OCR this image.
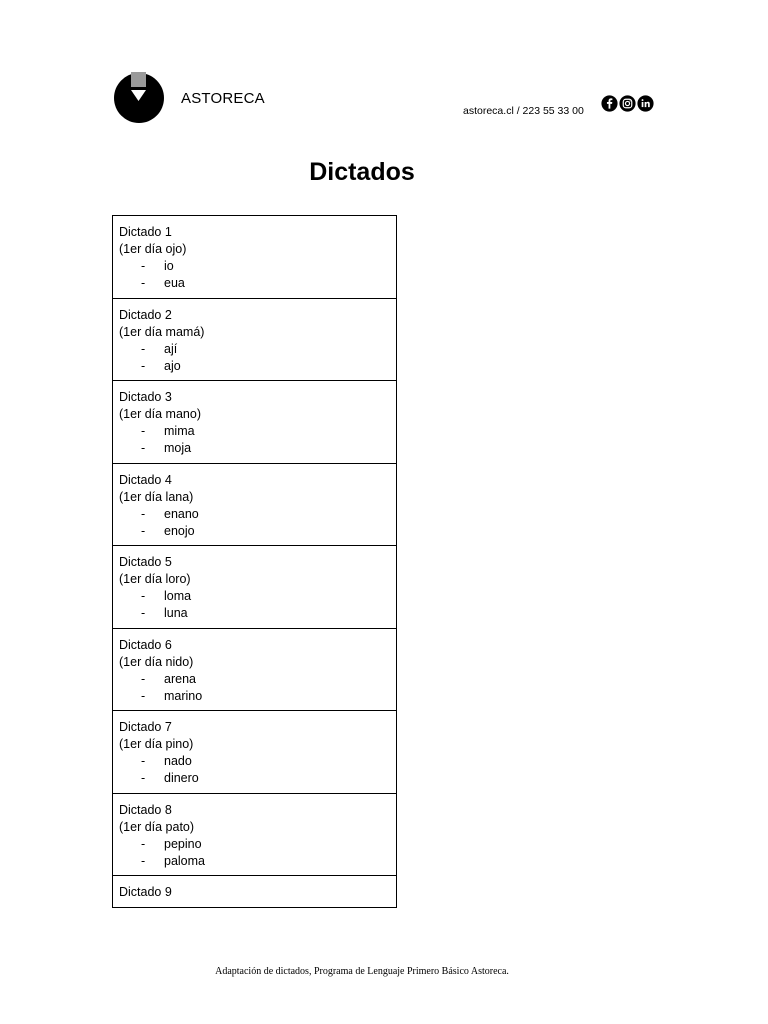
ASTORECA
astoreca.cl / 223 55 33 00
Dictados
Dictado 1
(1er día ojo)
-	io
-	eua
Dictado 2
(1er día mamá)
-	ají
-	ajo
Dictado 3
(1er día mano)
-	mima
-	moja
Dictado 4
(1er día lana)
-	enano
-	enojo
Dictado 5
(1er día loro)
-	loma
-	luna
Dictado 6
(1er día nido)
-	arena
-	marino
Dictado 7
(1er día pino)
-	nado
-	dinero
Dictado 8
(1er día pato)
-	pepino
-	paloma
Dictado 9
Adaptación de dictados, Programa de Lenguaje Primero Básico Astoreca.
